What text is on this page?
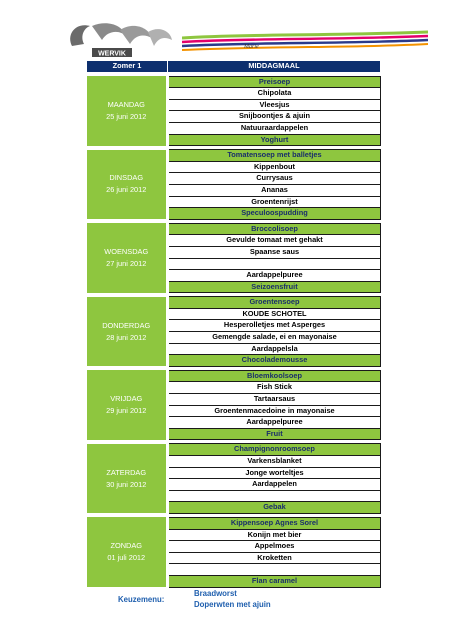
WERVIK
Marie
Zomer 1	MIDDAGMAAL

MAANDAG
25 juni 2012	Preisoep
	Chipolata
	Vleesjus
	Snijboontjes & ajuin
	Natuuraardappelen
	Yoghurt

DINSDAG
26 juni 2012	Tomatensoep met balletjes
	Kippenbout
	Currysaus
	Ananas
	Groentenrijst
	Speculoospudding

WOENSDAG
27 juni 2012	Broccolisoep
	Gevulde tomaat met gehakt
	Spaanse saus

	Aardappelpuree
	Seizoensfruit

DONDERDAG
28 juni 2012	Groentensoep
	KOUDE SCHOTEL
	Hesperolletjes met Asperges
	Gemengde salade, ei en mayonaise
	Aardappelsla
	Chocolademousse

VRIJDAG
29 juni 2012	Bloemkoolsoep
	Fish Stick
	Tartaarsaus
	Groentenmacedoine in mayonaise
	Aardappelpuree
	Fruit

ZATERDAG
30 juni 2012	Champignonroomsoep
	Varkensblanket
	Jonge worteltjes
	Aardappelen

	Gebak

ZONDAG
01 juli 2012	Kippensoep Agnes Sorel
	Konijn met bier
	Appelmoes
	Kroketten

	Flan caramel
Keuzemenu:
Braadworst
Doperwten met ajuin
